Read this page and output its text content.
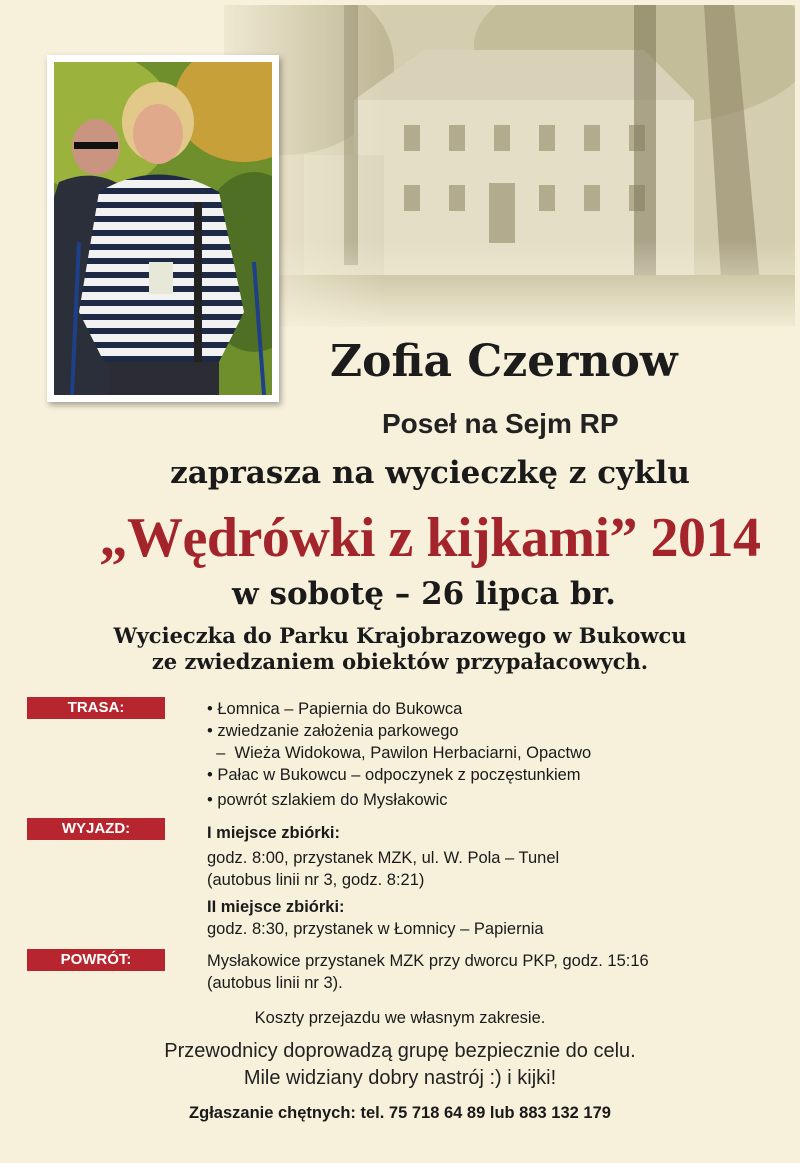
Zofia Czernow
Poseł na Sejm RP
zaprasza na wycieczkę z cyklu
„Wędrówki z kijkami” 2014
w sobotę – 26 lipca br.
Wycieczka do Parku Krajobrazowego w Bukowcu
ze zwiedzaniem obiektów przypałacowych.
TRASA:	• Łomnica – Papiernia do Bukowca
• zwiedzanie założenia parkowego
–  Wieża Widokowa, Pawilon Herbaciarni, Opactwo
• Pałac w Bukowcu – odpoczynek z poczęstunkiem
• powrót szlakiem do Mysłakowic
WYJAZD:	I miejsce zbiórki:
godz. 8:00, przystanek MZK, ul. W. Pola – Tunel
(autobus linii nr 3, godz. 8:21)
II miejsce zbiórki:
godz. 8:30, przystanek w Łomnicy – Papiernia
POWRÓT:	Mysłakowice przystanek MZK przy dworcu PKP, godz. 15:16
(autobus linii nr 3).
Koszty przejazdu we własnym zakresie.
Przewodnicy doprowadzą grupę bezpiecznie do celu.
Mile widziany dobry nastrój :) i kijki!
Zgłaszanie chętnych: tel. 75 718 64 89 lub 883 132 179
